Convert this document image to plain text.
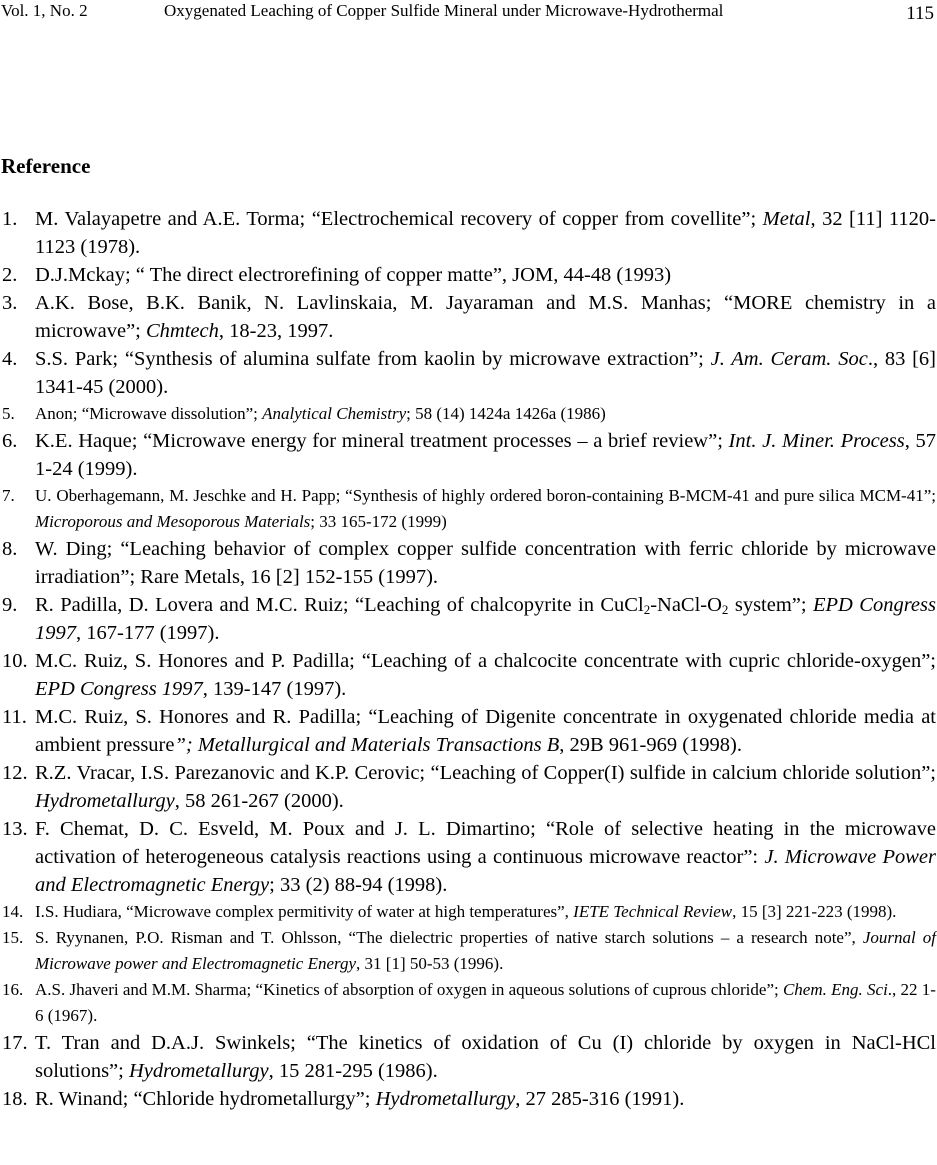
Vol. 1, No. 2	Oxygenated Leaching of Copper Sulfide Mineral under Microwave-Hydrothermal	115
Reference
1. M. Valayapetre and A.E. Torma; “Electrochemical recovery of copper from covellite”; Metal, 32 [11] 1120-1123 (1978).
2. D.J.Mckay; “ The direct electrorefining of copper matte”, JOM, 44-48 (1993)
3. A.K. Bose, B.K. Banik, N. Lavlinskaia, M. Jayaraman and M.S. Manhas; “MORE chemistry in a microwave”; Chmtech, 18-23, 1997.
4. S.S. Park; “Synthesis of alumina sulfate from kaolin by microwave extraction”; J. Am. Ceram. Soc., 83 [6] 1341-45 (2000).
5. Anon; “Microwave dissolution”; Analytical Chemistry; 58 (14) 1424a 1426a (1986)
6. K.E. Haque; “Microwave energy for mineral treatment processes – a brief review”; Int. J. Miner. Process, 57 1-24 (1999).
7. U. Oberhagemann, M. Jeschke and H. Papp; “Synthesis of highly ordered boron-containing B-MCM-41 and pure silica MCM-41”; Microporous and Mesoporous Materials; 33 165-172 (1999)
8. W. Ding; “Leaching behavior of complex copper sulfide concentration with ferric chloride by microwave irradiation”; Rare Metals, 16 [2] 152-155 (1997).
9. R. Padilla, D. Lovera and M.C. Ruiz; “Leaching of chalcopyrite in $CuCl_2-NaCl-O_2$ system”; EPD Congress 1997, 167-177 (1997).
10. M.C. Ruiz, S. Honores and P. Padilla; “Leaching of a chalcocite concentrate with cupric chloride-oxygen”; EPD Congress 1997, 139-147 (1997).
11. M.C. Ruiz, S. Honores and R. Padilla; “Leaching of Digenite concentrate in oxygenated chloride media at ambient pressure”; Metallurgical and Materials Transactions B, 29B 961-969 (1998).
12. R.Z. Vracar, I.S. Parezanovic and K.P. Cerovic; “Leaching of Copper(I) sulfide in calcium chloride solution”; Hydrometallurgy, 58 261-267 (2000).
13. F. Chemat, D. C. Esveld, M. Poux and J. L. Dimartino; “Role of selective heating in the microwave activation of heterogeneous catalysis reactions using a continuous microwave reactor”: J. Microwave Power and Electromagnetic Energy; 33 (2) 88-94 (1998).
14. I.S. Hudiara, “Microwave complex permitivity of water at high temperatures”, IETE Technical Review, 15 [3] 221-223 (1998).
15. S. Ryynanen, P.O. Risman and T. Ohlsson, “The dielectric properties of native starch solutions – a research note”, Journal of Microwave power and Electromagnetic Energy, 31 [1] 50-53 (1996).
16. A.S. Jhaveri and M.M. Sharma; “Kinetics of absorption of oxygen in aqueous solutions of cuprous chloride”; Chem. Eng. Sci., 22 1-6 (1967).
17. T. Tran and D.A.J. Swinkels; “The kinetics of oxidation of Cu (I) chloride by oxygen in NaCl-HCl solutions”; Hydrometallurgy, 15 281-295 (1986).
18. R. Winand; “Chloride hydrometallurgy”; Hydrometallurgy, 27 285-316 (1991).
